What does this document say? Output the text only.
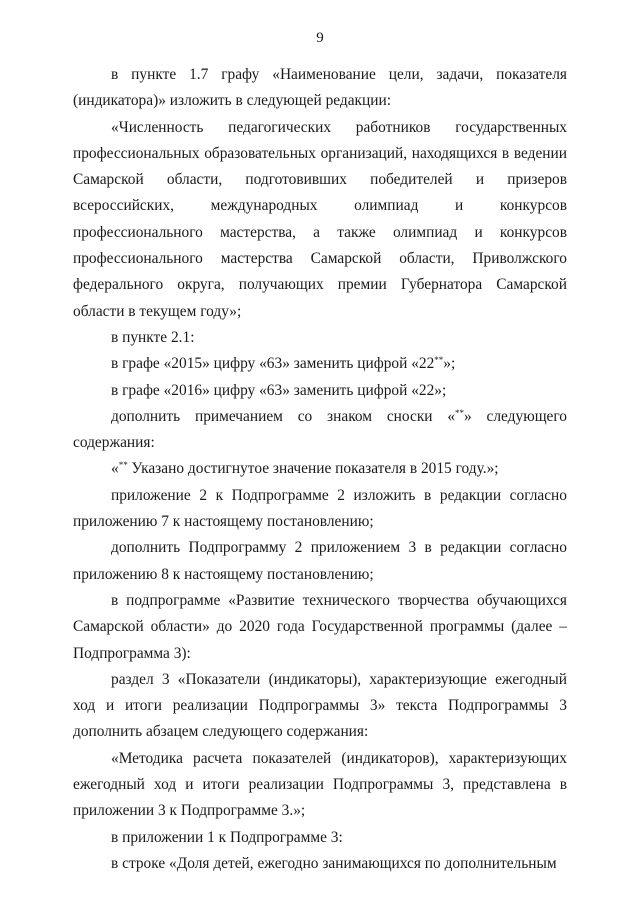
9

в пункте 1.7 графу «Наименование цели, задачи, показателя (индикатора)» изложить в следующей редакции:

«Численность педагогических работников государственных профессиональных образовательных организаций, находящихся в ведении Самарской области, подготовивших победителей и призеров всероссийских, международных олимпиад и конкурсов профессионального мастерства, а также олимпиад и конкурсов профессионального мастерства Самарской области, Приволжского федерального округа, получающих премии Губернатора Самарской области в текущем году»;

в пункте 2.1:

в графе «2015» цифру «63» заменить цифрой «22**»;

в графе «2016» цифру «63» заменить цифрой «22»;

дополнить примечанием со знаком сноски «**» следующего содержания:

«** Указано достигнутое значение показателя в 2015 году.»;

приложение 2 к Подпрограмме 2 изложить в редакции согласно приложению 7 к настоящему постановлению;

дополнить Подпрограмму 2 приложением 3 в редакции согласно приложению 8 к настоящему постановлению;

в подпрограмме «Развитие технического творчества обучающихся Самарской области» до 2020 года Государственной программы (далее – Подпрограмма 3):

раздел 3 «Показатели (индикаторы), характеризующие ежегодный ход и итоги реализации Подпрограммы 3» текста Подпрограммы 3 дополнить абзацем следующего содержания:

«Методика расчета показателей (индикаторов), характеризующих ежегодный ход и итоги реализации Подпрограммы 3, представлена в приложении 3 к Подпрограмме 3.»;

в приложении 1 к Подпрограмме 3:

в строке «Доля детей, ежегодно занимающихся по дополнительным
